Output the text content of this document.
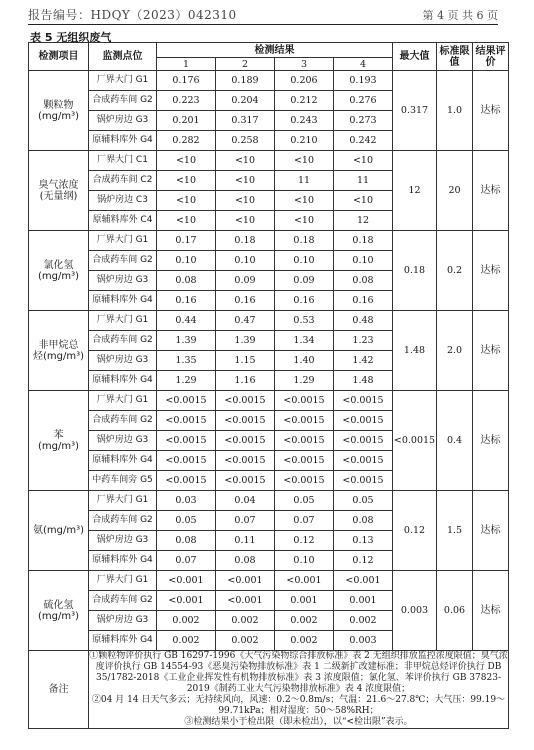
报告编号：HDQY（2023）042310	第 4 页 共 6 页
表 5 无组织废气
检测项目	监测点位	检测结果				最大值	标准限值	结果评价
		1	2	3	4			
颗粒物
(mg/m³)	厂界大门 G1	0.176	0.189	0.206	0.193	0.317	1.0	达标
	合成药车间 G2	0.223	0.204	0.212	0.276			
	锅炉房边 G3	0.201	0.317	0.243	0.273			
	原辅料库外 G4	0.282	0.258	0.210	0.242			
臭气浓度
(无量纲)	厂界大门 C1	<10	<10	<10	<10	12	20	达标
	合成药车间 C2	<10	<10	11	11			
	锅炉房边 C3	<10	<10	<10	<10			
	原辅料库外 C4	<10	<10	<10	12			
氯化氢
(mg/m³)	厂界大门 G1	0.17	0.18	0.18	0.18	0.18	0.2	达标
	合成药车间 G2	0.10	0.10	0.10	0.10			
	锅炉房边 G3	0.08	0.09	0.09	0.08			
	原辅料库外 G4	0.16	0.16	0.16	0.16			
非甲烷总
烃(mg/m³)	厂界大门 G1	0.44	0.47	0.53	0.48	1.48	2.0	达标
	合成药车间 G2	1.39	1.39	1.34	1.23			
	锅炉房边 G3	1.35	1.15	1.40	1.42			
	原辅料库外 G4	1.29	1.16	1.29	1.48			
苯
(mg/m³)	厂界大门 G1	<0.0015	<0.0015	<0.0015	<0.0015	<0.0015	0.4	达标
	合成药车间 G2	<0.0015	<0.0015	<0.0015	<0.0015			
	锅炉房边 G3	<0.0015	<0.0015	<0.0015	<0.0015			
	原辅料库外 G4	<0.0015	<0.0015	<0.0015	<0.0015			
	中药车间旁 G5	<0.0015	<0.0015	<0.0015	<0.0015			
氨(mg/m³)	厂界大门 G1	0.03	0.04	0.05	0.05	0.12	1.5	达标
	合成药车间 G2	0.05	0.07	0.07	0.08			
	锅炉房边 G3	0.08	0.11	0.12	0.13			
	原辅料库外 G4	0.07	0.08	0.10	0.12			
硫化氢
(mg/m³)	厂界大门 G1	<0.001	<0.001	<0.001	<0.001	0.003	0.06	达标
	合成药车间 G2	<0.001	<0.001	0.001	0.001			
	锅炉房边 G3	0.002	0.002	0.002	0.002			
	原辅料库外 G4	0.002	0.002	0.002	0.003			
备注	①颗粒物评价执行 GB 16297-1996《大气污染物综合排放标准》表 2 无组织排放监控浓度限值；臭气浓度评价执行 GB 14554-93《恶臭污染物排放标准》表 1 二级新扩改建标准；非甲烷总烃评价执行 DB 35/1782-2018《工业企业挥发性有机物排放标准》表 3 浓度限值；氯化氢、苯评价执行 GB 37823-2019《制药工业大气污染物排放标准》表 4 浓度限值；

②04 月 14 日天气多云；无持续风向，风速：0.2～0.8m/s；气温：21.6～27.8℃；大气压：99.19～99.71kPa；相对湿度：50～58%RH；

③检测结果小于检出限（即未检出），以“<检出限”表示。							
